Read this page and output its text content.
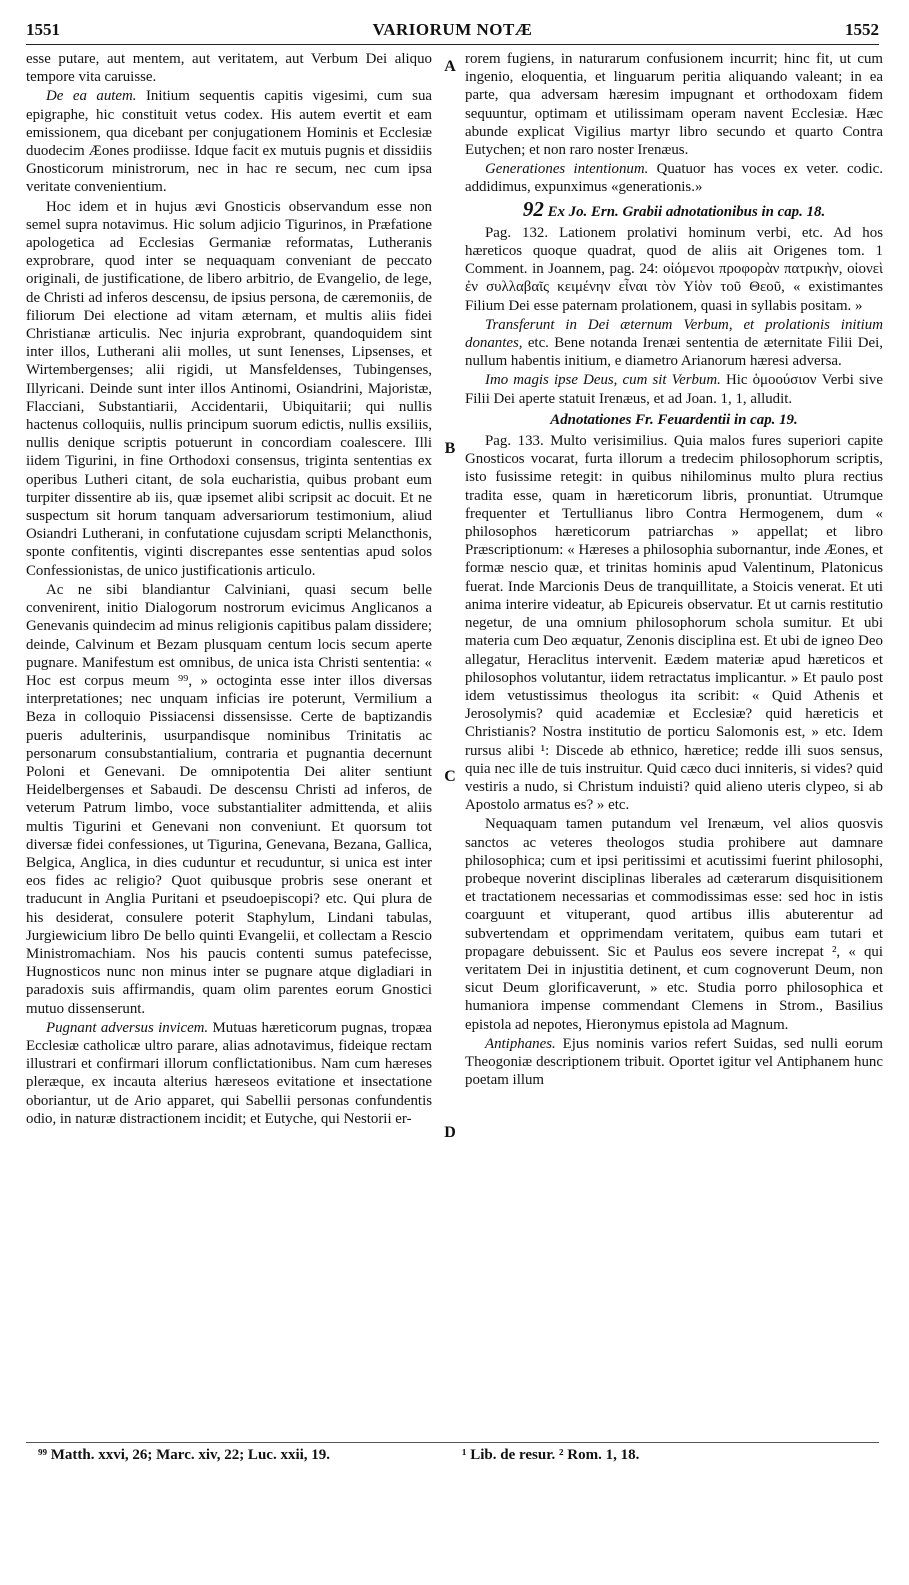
1551	VARIORUM NOTÆ	1552

esse putare, aut mentem, aut veritatem, aut Verbum Dei aliquo tempore vita caruisse.

De ea autem. Initium sequentis capitis vigesimi, cum sua epigraphe, hic constituit vetus codex. His autem evertit et eam emissionem, qua dicebant per conjugationem Hominis et Ecclesiæ duodecim Æones prodiisse. Idque facit ex mutuis pugnis et dissidiis Gnosticorum ministrorum, nec in hac re secum, nec cum ipsa veritate convenientium.

Hoc idem et in hujus ævi Gnosticis observandum esse non semel supra notavimus. Hic solum adjicio Tigurinos, in Præfatione apologetica ad Ecclesias Germaniæ reformatas, Lutheranis exprobrare, quod inter se nequaquam conveniant de peccato originali, de justificatione, de libero arbitrio, de Evangelio, de lege, de Christi ad inferos descensu, de ipsius persona, de cæremoniis, de filiorum Dei electione ad vitam æternam, et multis aliis fidei Christianæ articulis. Nec injuria exprobrant, quandoquidem sint inter illos, Lutherani alii molles, ut sunt Ienenses, Lipsenses, et Wirtembergenses; alii rigidi, ut Mansfeldenses, Tubingenses, Illyricani. Deinde sunt inter illos Antinomi, Osiandrini, Majoristæ, Flacciani, Substantiarii, Accidentarii, Ubiquitarii; qui nullis hactenus colloquiis, nullis principum suorum edictis, nullis exsiliis, nullis denique scriptis potuerunt in concordiam coalescere. Illi iidem Tigurini, in fine Orthodoxi consensus, triginta sententias ex operibus Lutheri citant, de sola eucharistia, quibus probant eum turpiter dissentire ab iis, quæ ipsemet alibi scripsit ac docuit. Et ne suspectum sit horum tanquam adversariorum testimonium, aliud Osiandri Lutherani, in confutatione cujusdam scripti Melancthonis, sponte confitentis, viginti discrepantes esse sententias apud solos Confessionistas, de unico justificationis articulo.

Ac ne sibi blandiantur Calviniani, quasi secum belle convenirent, initio Dialogorum nostrorum evicimus Anglicanos a Genevanis quindecim ad minus religionis capitibus palam dissidere; deinde, Calvinum et Bezam plusquam centum locis secum aperte pugnare. Manifestum est omnibus, de unica ista Christi sententia: « Hoc est corpus meum ⁹⁹, » octoginta esse inter illos diversas interpretationes; nec unquam inficias ire poterunt, Vermilium a Beza in colloquio Pissiacensi dissensisse. Certe de baptizandis pueris adulterinis, usurpandisque nominibus Trinitatis ac personarum consubstantialium, contraria et pugnantia decernunt Poloni et Genevani. De omnipotentia Dei aliter sentiunt Heidelbergenses et Sabaudi. De descensu Christi ad inferos, de veterum Patrum limbo, voce substantialiter admittenda, et aliis multis Tigurini et Genevani non conveniunt. Et quorsum tot diversæ fidei confessiones, ut Tigurina, Genevana, Bezana, Gallica, Belgica, Anglica, in dies cuduntur et recuduntur, si unica est inter eos fides ac religio? Quot quibusque probris sese onerant et traducunt in Anglia Puritani et pseudoepiscopi? etc. Qui plura de his desiderat, consulere poterit Staphylum, Lindani tabulas, Jurgiewicium libro De bello quinti Evangelii, et collectam a Rescio Ministromachiam. Nos his paucis contenti sumus patefecisse, Hugnosticos nunc non minus inter se pugnare atque digladiari in paradoxis suis affirmandis, quam olim parentes eorum Gnostici mutuo dissenserunt.

Pugnant adversus invicem. Mutuas hæreticorum pugnas, tropæa Ecclesiæ catholicæ ultro parare, alias adnotavimus, fideique rectam illustrari et confirmari illorum conflictationibus. Nam cum hæreses pleræque, ex incauta alterius hæreseos evitatione et insectatione oboriantur, ut de Ario apparet, qui Sabellii personas confundentis odio, in naturæ distractionem incidit; et Eutyche, qui Nestorii er-

A
B
C
D

rorem fugiens, in naturarum confusionem incurrit; hinc fit, ut cum ingenio, eloquentia, et linguarum peritia aliquando valeant; in ea parte, qua adversam hæresim impugnant et orthodoxam fidem sequuntur, optimam et utilissimam operam navent Ecclesiæ. Hæc abunde explicat Vigilius martyr libro secundo et quarto Contra Eutychen; et non raro noster Irenæus.

Generationes intentionum. Quatuor has voces ex veter. codic. addidimus, expunximus «generationis.»

92 Ex Jo. Ern. Grabii adnotationibus in cap. 18.

Pag. 132. Lationem prolativi hominum verbi, etc. Ad hos hæreticos quoque quadrat, quod de aliis ait Origenes tom. 1 Comment. in Joannem, pag. 24: οἰόμενοι προφορὰν πατρικὴν, οἱονεὶ ἐν συλλαβαῖς κειμένην εἶναι τὸν Υἱὸν τοῦ Θεοῦ, « existimantes Filium Dei esse paternam prolationem, quasi in syllabis positam. »

Transferunt in Dei æternum Verbum, et prolationis initium donantes, etc. Bene notanda Irenæi sententia de æternitate Filii Dei, nullum habentis initium, e diametro Arianorum hæresi adversa.

Imo magis ipse Deus, cum sit Verbum. Hic ὁμοούσιον Verbi sive Filii Dei aperte statuit Irenæus, et ad Joan. 1, 1, alludit.

Adnotationes Fr. Feuardentii in cap. 19.

Pag. 133. Multo verisimilius. Quia malos fures superiori capite Gnosticos vocarat, furta illorum a tredecim philosophorum scriptis, isto fusissime retegit: in quibus nihilominus multo plura rectius tradita esse, quam in hæreticorum libris, pronuntiat. Utrumque frequenter et Tertullianus libro Contra Hermogenem, dum « philosophos hæreticorum patriarchas » appellat; et libro Præscriptionum: « Hæreses a philosophia subornantur, inde Æones, et formæ nescio quæ, et trinitas hominis apud Valentinum, Platonicus fuerat. Inde Marcionis Deus de tranquillitate, a Stoicis venerat. Et uti anima interire videatur, ab Epicureis observatur. Et ut carnis restitutio negetur, de una omnium philosophorum schola sumitur. Et ubi materia cum Deo æquatur, Zenonis disciplina est. Et ubi de igneo Deo allegatur, Heraclitus intervenit. Eædem materiæ apud hæreticos et philosophos volutantur, iidem retractatus implicantur. » Et paulo post idem vetustissimus theologus ita scribit: « Quid Athenis et Jerosolymis? quid academiæ et Ecclesiæ? quid hæreticis et Christianis? Nostra institutio de porticu Salomonis est, » etc. Idem rursus alibi ¹: Discede ab ethnico, hæretice; redde illi suos sensus, quia nec ille de tuis instruitur. Quid cæco duci inniteris, si vides? quid vestiris a nudo, si Christum induisti? quid alieno uteris clypeo, si ab Apostolo armatus es? » etc.

Nequaquam tamen putandum vel Irenæum, vel alios quosvis sanctos ac veteres theologos studia prohibere aut damnare philosophica; cum et ipsi peritissimi et acutissimi fuerint philosophi, probeque noverint disciplinas liberales ad cæterarum disquisitionem et tractationem necessarias et commodissimas esse: sed hoc in istis coarguunt et vituperant, quod artibus illis abuterentur ad subvertendam et opprimendam veritatem, quibus eam tutari et propagare debuissent. Sic et Paulus eos severe increpat ², « qui veritatem Dei in injustitia detinent, et cum cognoverunt Deum, non sicut Deum glorificaverunt, » etc. Studia porro philosophica et humaniora impense commendant Clemens in Strom., Basilius epistola ad nepotes, Hieronymus epistola ad Magnum.

Antiphanes. Ejus nominis varios refert Suidas, sed nulli eorum Theogoniæ descriptionem tribuit. Oportet igitur vel Antiphanem hunc poetam illum

⁹⁹ Matth. xxvi, 26; Marc. xiv, 22; Luc. xxii, 19.	¹ Lib. de resur. ² Rom. 1, 18.
